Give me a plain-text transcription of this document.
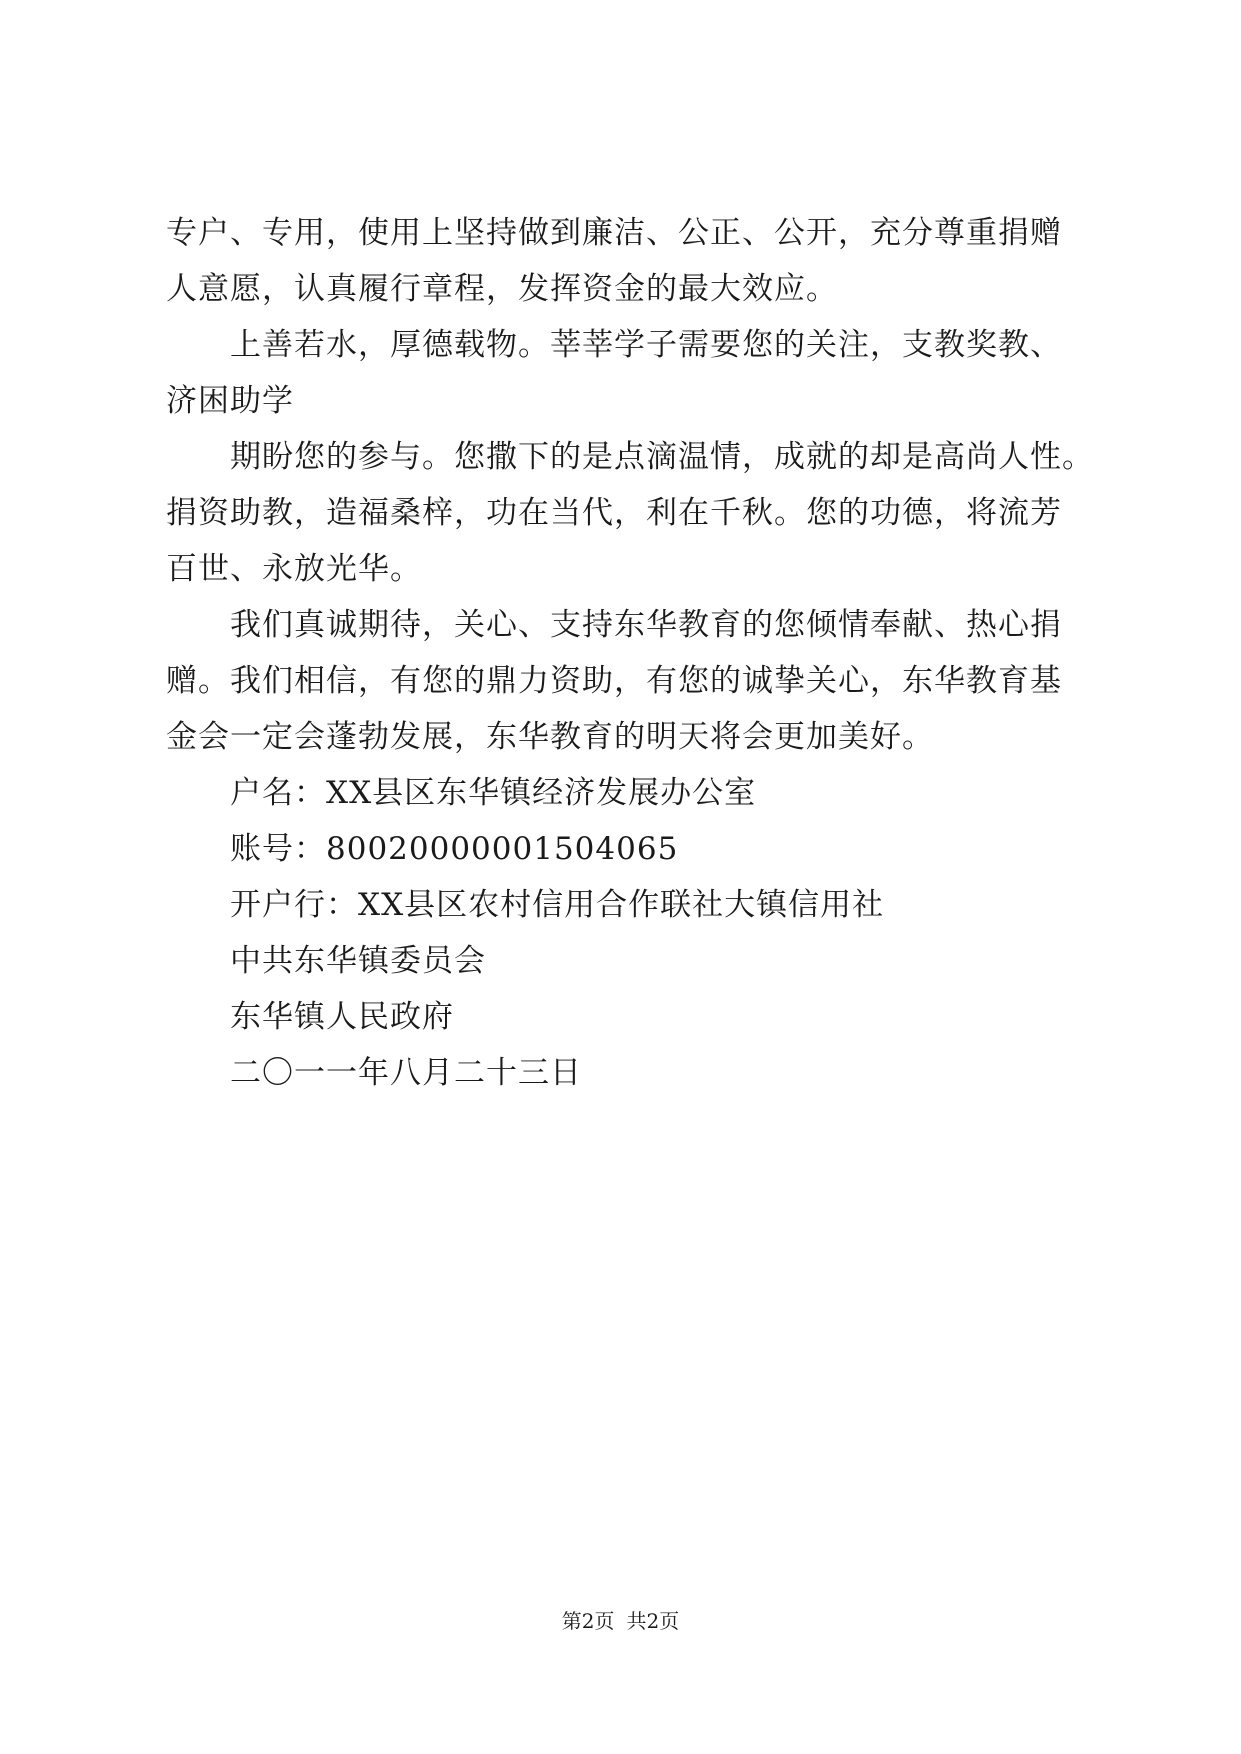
专户、专用，使用上坚持做到廉洁、公正、公开，充分尊重捐赠
人意愿，认真履行章程，发挥资金的最大效应。
上善若水，厚德载物。莘莘学子需要您的关注，支教奖教、
济困助学
期盼您的参与。您撒下的是点滴温情，成就的却是高尚人性。
捐资助教，造福桑梓，功在当代，利在千秋。您的功德，将流芳
百世、永放光华。
我们真诚期待，关心、支持东华教育的您倾情奉献、热心捐
赠。我们相信，有您的鼎力资助，有您的诚挚关心，东华教育基
金会一定会蓬勃发展，东华教育的明天将会更加美好。
户名：XX县区东华镇经济发展办公室
账号：80020000001504065
开户行：XX县区农村信用合作联社大镇信用社
中共东华镇委员会
东华镇人民政府
二〇一一年八月二十三日
第2页 共2页
